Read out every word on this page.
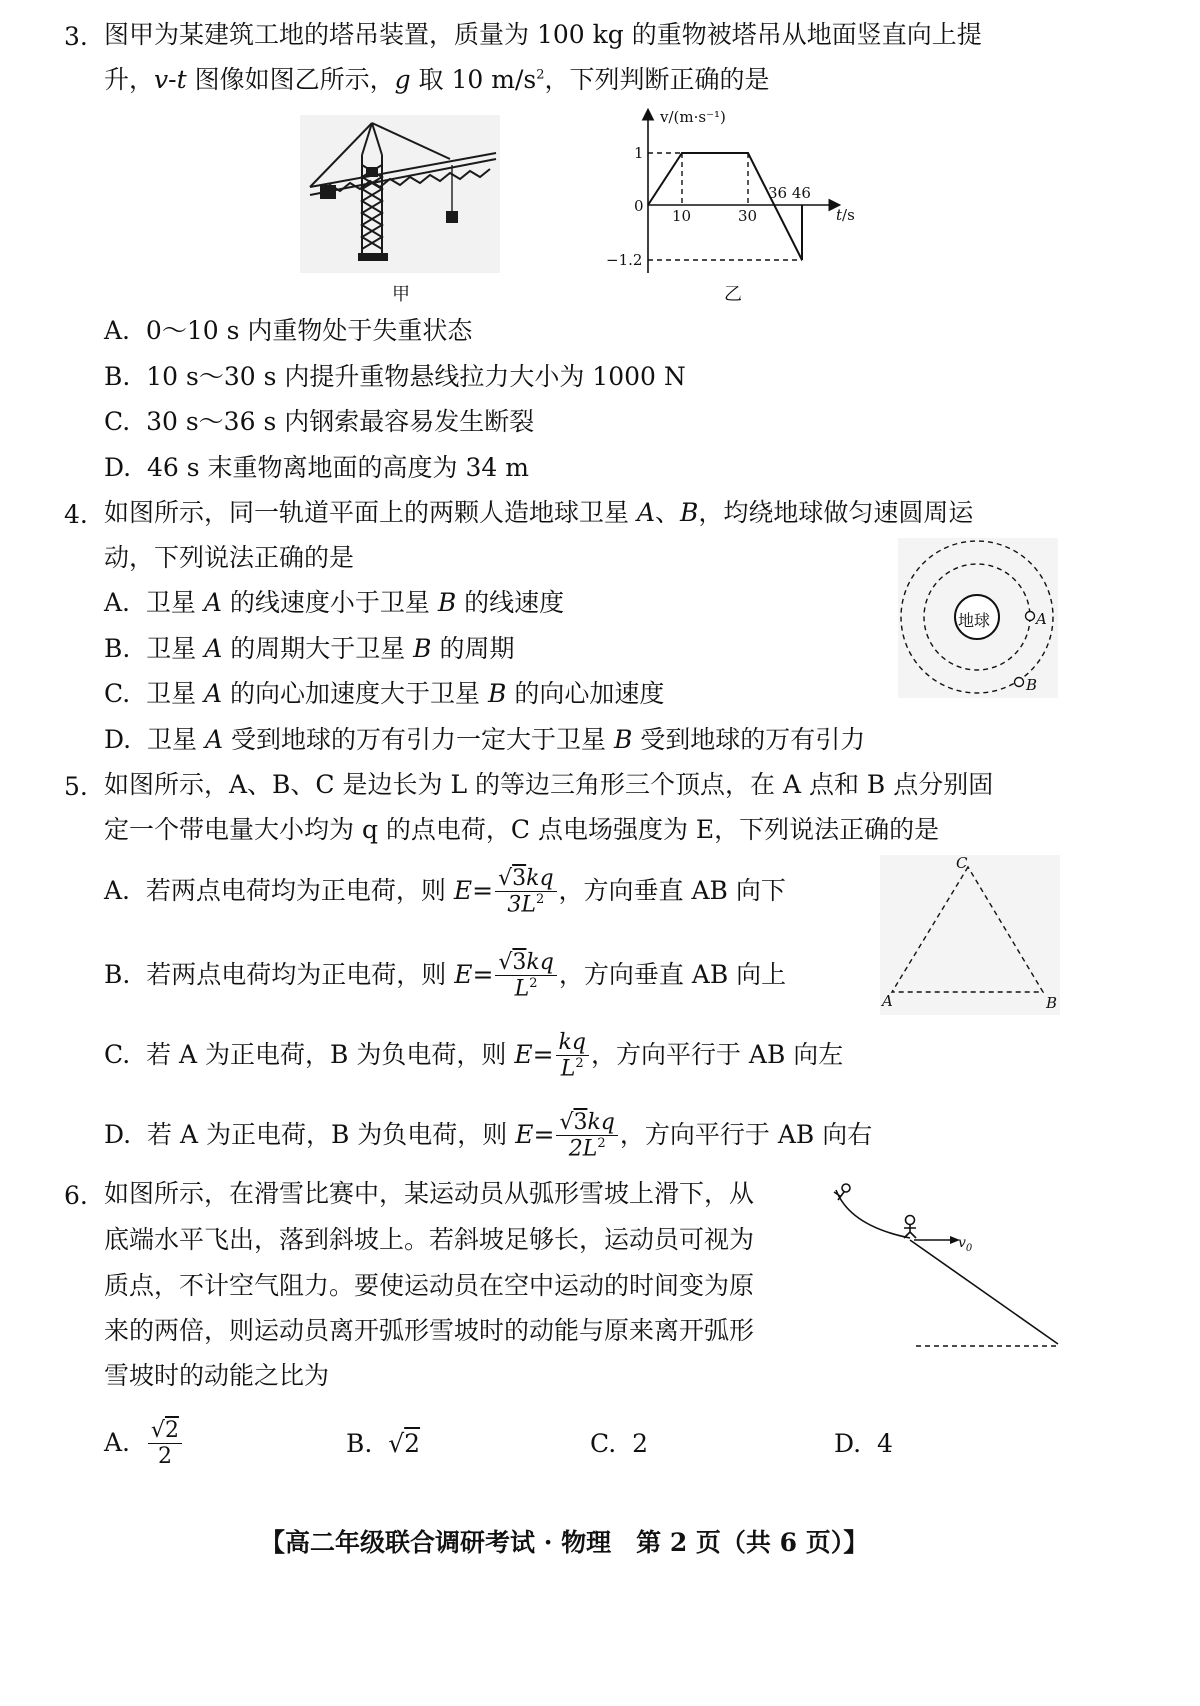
3. 图甲为某建筑工地的塔吊装置，质量为 100 kg 的重物被塔吊从地面竖直向上提
升，v-t 图像如图乙所示，g 取 10 $m/s^2$，下列判断正确的是
甲
v/(m·s⁻¹)
1
0
−1.2
10	30
36 46
t/s
乙
A. 0～10 s 内重物处于失重状态
B. 10 s～30 s 内提升重物悬线拉力大小为 1000 N
C. 30 s～36 s 内钢索最容易发生断裂
D. 46 s 末重物离地面的高度为 34 m
4. 如图所示，同一轨道平面上的两颗人造地球卫星 A、B，均绕地球做匀速圆周运
动，下列说法正确的是
A. 卫星 A 的线速度小于卫星 B 的线速度
B. 卫星 A 的周期大于卫星 B 的周期
C. 卫星 A 的向心加速度大于卫星 B 的向心加速度
D. 卫星 A 受到地球的万有引力一定大于卫星 B 受到地球的万有引力
地球	A
B
5. 如图所示，A、B、C 是边长为 L 的等边三角形三个顶点，在 A 点和 B 点分别固
定一个带电量大小均为 q 的点电荷，C 点电场强度为 E，下列说法正确的是
A. 若两点电荷均为正电荷，则 $E= \frac{√3kq}{3L^2}$ ，方向垂直 AB 向下
B. 若两点电荷均为正电荷，则 $E= \frac{√3kq}{L^2}$ ，方向垂直 AB 向上
C. 若 A 为正电荷，B 为负电荷，则 $E= \frac{kq}{L^2}$ ，方向平行于 AB 向左
D. 若 A 为正电荷，B 为负电荷，则 $E= \frac{√3kq}{2L^2}$ ，方向平行于 AB 向右
C
A	B
6. 如图所示，在滑雪比赛中，某运动员从弧形雪坡上滑下，从
底端水平飞出，落到斜坡上。若斜坡足够长，运动员可视为
质点，不计空气阻力。要使运动员在空中运动的时间变为原
来的两倍，则运动员离开弧形雪坡时的动能与原来离开弧形
雪坡时的动能之比为
$v_0$
A. $\frac{√2}{2}$	B.  √2	C. 2	D. 4
【高二年级联合调研考试 · 物理　第 2 页（共 6 页）】
